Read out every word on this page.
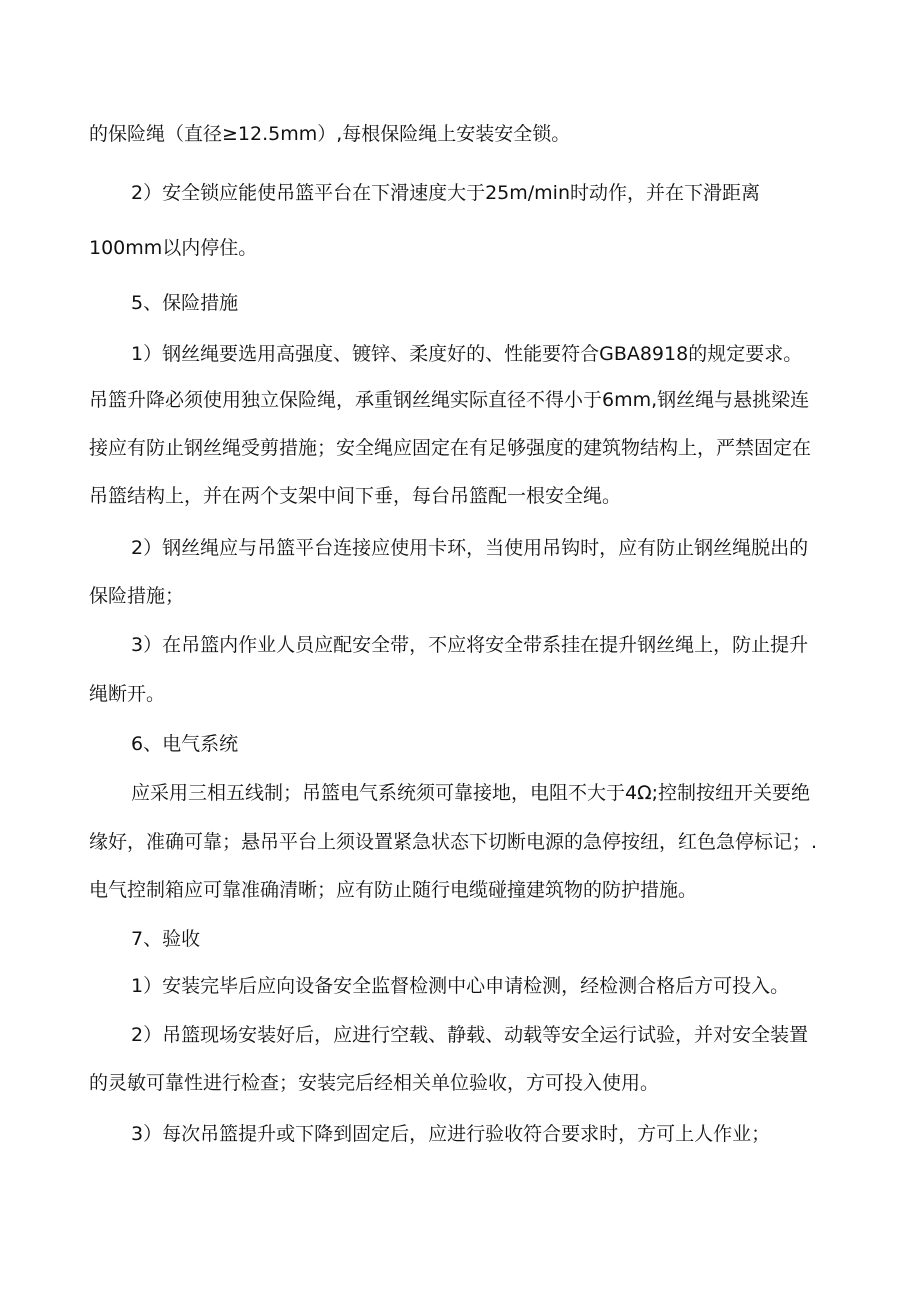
的保险绳（直径≥12.5mm）,每根保险绳上安装安全锁。
2）安全锁应能使吊篮平台在下滑速度大于25m/min时动作，并在下滑距离
100mm以内停住。
5、保险措施
1）钢丝绳要选用高强度、镀锌、柔度好的、性能要符合GBA8918的规定要求。
吊篮升降必须使用独立保险绳，承重钢丝绳实际直径不得小于6mm,钢丝绳与悬挑梁连
接应有防止钢丝绳受剪措施；安全绳应固定在有足够强度的建筑物结构上，严禁固定在
吊篮结构上，并在两个支架中间下垂，每台吊篮配一根安全绳。
2）钢丝绳应与吊篮平台连接应使用卡环，当使用吊钩时，应有防止钢丝绳脱出的
保险措施；
3）在吊篮内作业人员应配安全带，不应将安全带系挂在提升钢丝绳上，防止提升
绳断开。
6、电气系统
应采用三相五线制；吊篮电气系统须可靠接地，电阻不大于4Ω;控制按纽开关要绝
缘好，准确可靠；悬吊平台上须设置紧急状态下切断电源的急停按纽，红色急停标记；.
电气控制箱应可靠准确清晰；应有防止随行电缆碰撞建筑物的防护措施。
7、验收
1）安装完毕后应向设备安全监督检测中心申请检测，经检测合格后方可投入。
2）吊篮现场安装好后，应进行空载、静载、动载等安全运行试验，并对安全装置
的灵敏可靠性进行检查；安装完后经相关单位验收，方可投入使用。
3）每次吊篮提升或下降到固定后，应进行验收符合要求时，方可上人作业；
